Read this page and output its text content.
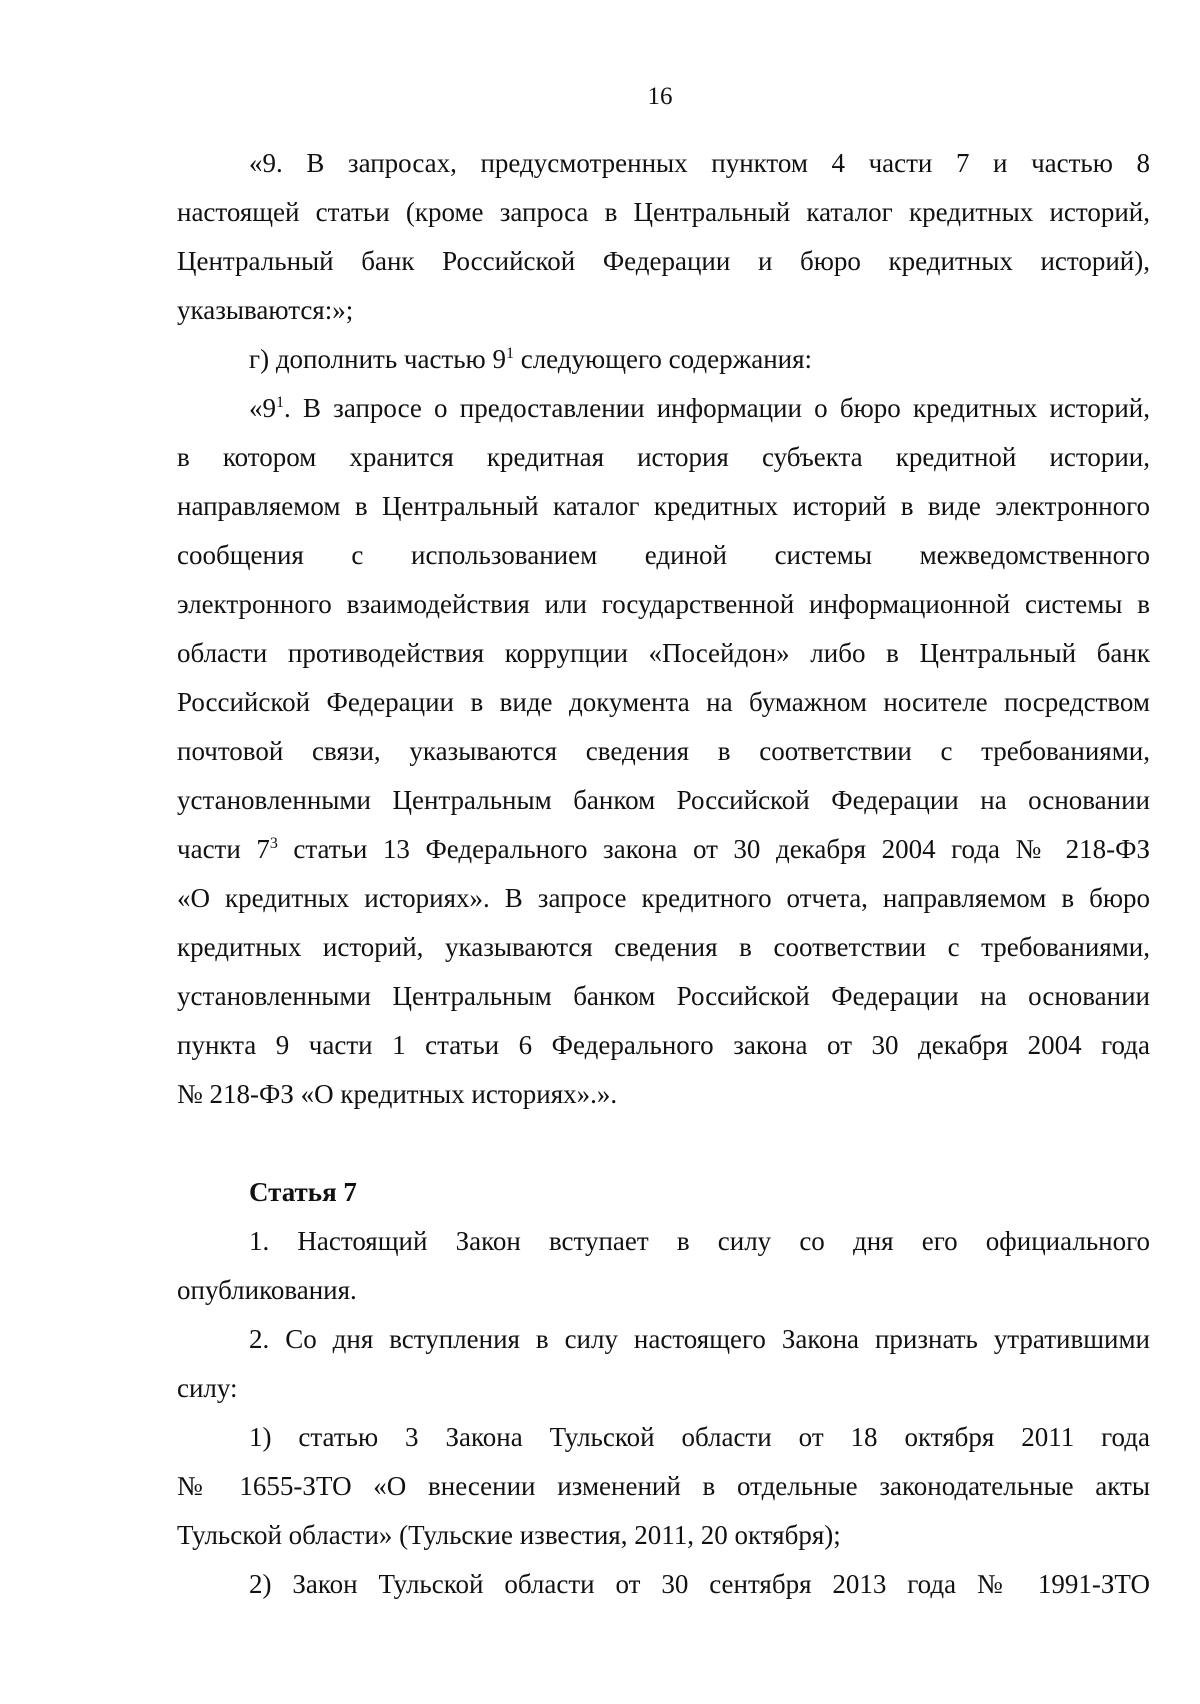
16
«9. В запросах, предусмотренных пунктом 4 части 7 и частью 8
настоящей статьи (кроме запроса в Центральный каталог кредитных историй,
Центральный банк Российской Федерации и бюро кредитных историй),
указываются:»;
г) дополнить частью $9^1$ следующего содержания:
«$9^1$. В запросе о предоставлении информации о бюро кредитных историй,
в котором хранится кредитная история субъекта кредитной истории,
направляемом в Центральный каталог кредитных историй в виде электронного
сообщения с использованием единой системы межведомственного
электронного взаимодействия или государственной информационной системы в
области противодействия коррупции «Посейдон» либо в Центральный банк
Российской Федерации в виде документа на бумажном носителе посредством
почтовой связи, указываются сведения в соответствии с требованиями,
установленными Центральным банком Российской Федерации на основании
части $7^3$ статьи 13 Федерального закона от 30 декабря 2004 года № 218-ФЗ
«О кредитных историях». В запросе кредитного отчета, направляемом в бюро
кредитных историй, указываются сведения в соответствии с требованиями,
установленными Центральным банком Российской Федерации на основании
пункта 9 части 1 статьи 6 Федерального закона от 30 декабря 2004 года
№ 218-ФЗ «О кредитных историях».».
Статья 7
1. Настоящий Закон вступает в силу со дня его официального
опубликования.
2. Со дня вступления в силу настоящего Закона признать утратившими
силу:
1) статью 3 Закона Тульской области от 18 октября 2011 года
№ 1655-ЗТО «О внесении изменений в отдельные законодательные акты
Тульской области» (Тульские известия, 2011, 20 октября);
2) Закон Тульской области от 30 сентября 2013 года № 1991-ЗТО
